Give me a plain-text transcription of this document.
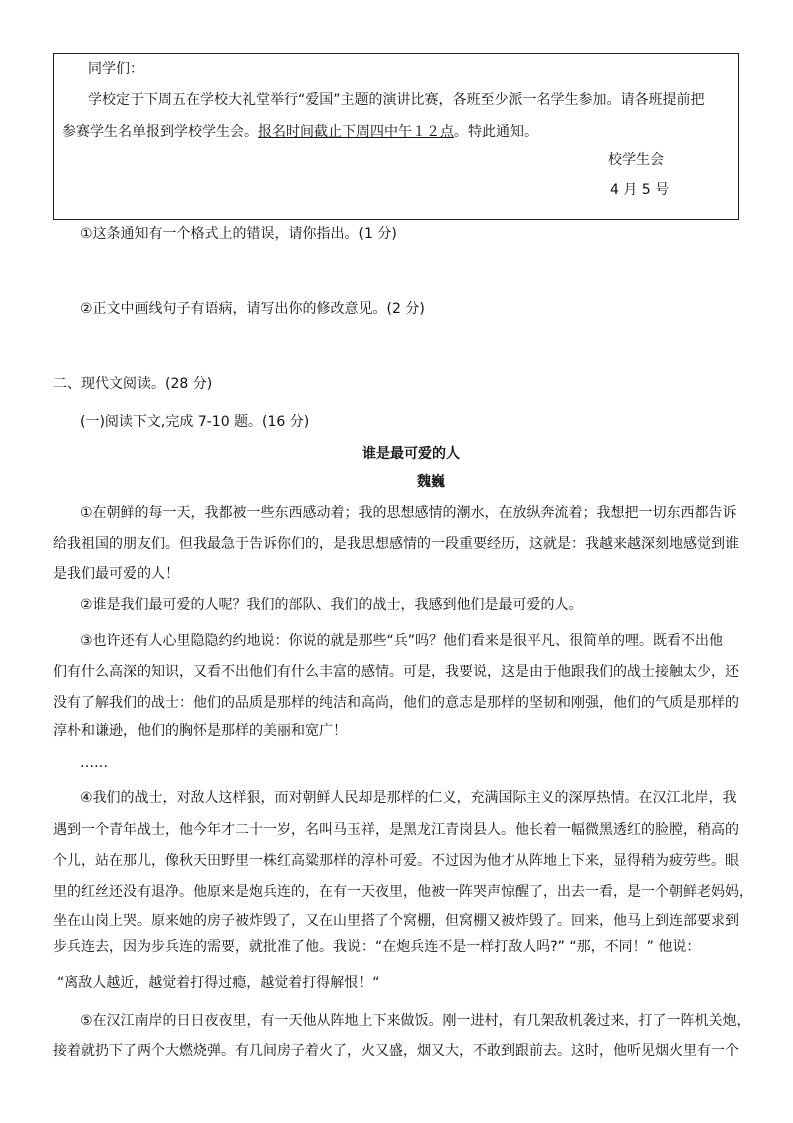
同学们：
学校定于下周五在学校大礼堂举行“爱国”主题的演讲比赛，各班至少派一名学生参加。请各班提前把
参赛学生名单报到学校学生会。报名时间截止下周四中午１２点。特此通知。
校学生会
4 月 5 号
①这条通知有一个格式上的错误，请你指出。(1 分)
②正文中画线句子有语病，请写出你的修改意见。(2 分)
二、现代文阅读。(28 分)
(一)阅读下文,完成 7-10 题。(16 分)
谁是最可爱的人
魏巍
①在朝鲜的每一天，我都被一些东西感动着；我的思想感情的潮水，在放纵奔流着；我想把一切东西都告诉
给我祖国的朋友们。但我最急于告诉你们的，是我思想感情的一段重要经历，这就是：我越来越深刻地感觉到谁
是我们最可爱的人！
②谁是我们最可爱的人呢？我们的部队、我们的战士，我感到他们是最可爱的人。
③也许还有人心里隐隐约约地说：你说的就是那些“兵”吗？他们看来是很平凡、很简单的哩。既看不出他
们有什么高深的知识，又看不出他们有什么丰富的感情。可是，我要说，这是由于他跟我们的战士接触太少，还
没有了解我们的战士：他们的品质是那样的纯洁和高尚，他们的意志是那样的坚韧和刚强，他们的气质是那样的
淳朴和谦逊，他们的胸怀是那样的美丽和宽广！
……
④我们的战士，对敌人这样狠，而对朝鲜人民却是那样的仁义，充满国际主义的深厚热情。在汉江北岸，我
遇到一个青年战士，他今年才二十一岁，名叫马玉祥，是黑龙江青岗县人。他长着一幅微黑透红的脸膛，稍高的
个儿，站在那儿，像秋天田野里一株红高粱那样的淳朴可爱。不过因为他才从阵地上下来，显得稍为疲劳些。眼
里的红丝还没有退净。他原来是炮兵连的，在有一天夜里，他被一阵哭声惊醒了，出去一看，是一个朝鲜老妈妈，
坐在山岗上哭。原来她的房子被炸毁了，又在山里搭了个窝棚，但窝棚又被炸毁了。回来，他马上到连部要求到
步兵连去，因为步兵连的需要，就批准了他。我说：“在炮兵连不是一样打敌人吗?” “那，不同！” 他说：
“离敌人越近，越觉着打得过瘾，越觉着打得解恨！“
⑤在汉江南岸的日日夜夜里，有一天他从阵地上下来做饭。刚一进村，有几架敌机袭过来，打了一阵机关炮，
接着就扔下了两个大燃烧弹。有几间房子着火了，火又盛，烟又大，不敢到跟前去。这时，他听见烟火里有一个
